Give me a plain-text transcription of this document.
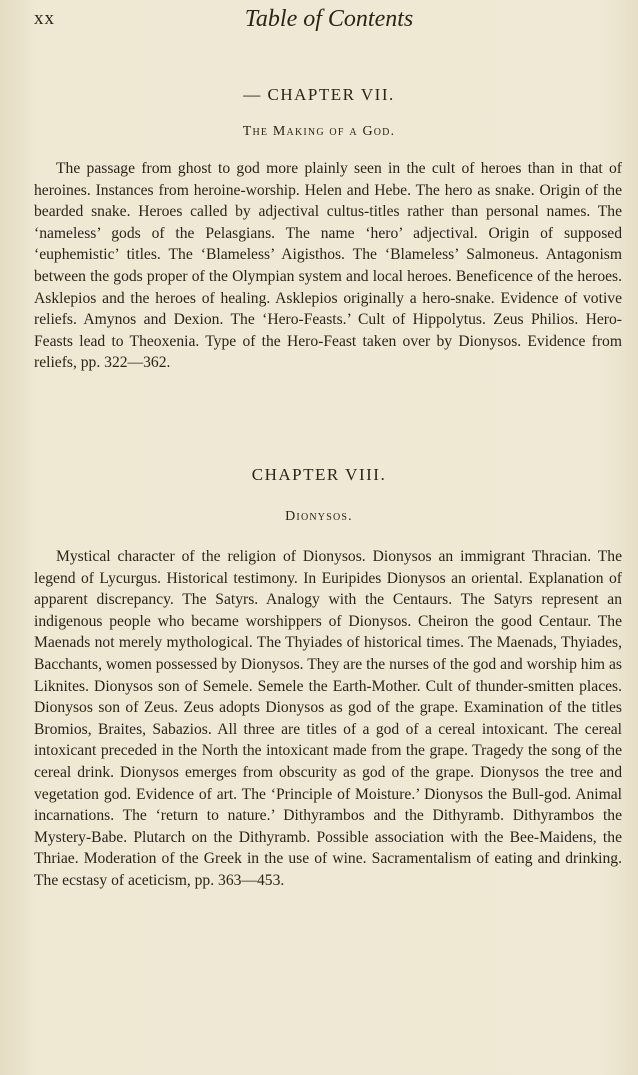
xx	Table of Contents
— CHAPTER VII.
The Making of a God.

The passage from ghost to god more plainly seen in the cult of heroes than in that of heroines. Instances from heroine-worship. Helen and Hebe. The hero as snake. Origin of the bearded snake. Heroes called by adjectival cultus-titles rather than personal names. The ‘nameless’ gods of the Pelasgians. The name ‘hero’ adjectival. Origin of supposed ‘euphemistic’ titles. The ‘Blameless’ Aigisthos. The ‘Blameless’ Salmoneus. Antagonism between the gods proper of the Olympian system and local heroes. Beneficence of the heroes. Asklepios and the heroes of healing. Asklepios originally a hero-snake. Evidence of votive reliefs. Amynos and Dexion. The ‘Hero-Feasts.’ Cult of Hippolytus. Zeus Philios. Hero-Feasts lead to Theoxenia. Type of the Hero-Feast taken over by Dionysos. Evidence from reliefs, pp. 322—362.

CHAPTER VIII.
Dionysos.

Mystical character of the religion of Dionysos. Dionysos an immigrant Thracian. The legend of Lycurgus. Historical testimony. In Euripides Dionysos an oriental. Explanation of apparent discrepancy. The Satyrs. Analogy with the Centaurs. The Satyrs represent an indigenous people who became worshippers of Dionysos. Cheiron the good Centaur. The Maenads not merely mythological. The Thyiades of historical times. The Maenads, Thyiades, Bacchants, women possessed by Dionysos. They are the nurses of the god and worship him as Liknites. Dionysos son of Semele. Semele the Earth-Mother. Cult of thunder-smitten places. Dionysos son of Zeus. Zeus adopts Dionysos as god of the grape. Examination of the titles Bromios, Braites, Sabazios. All three are titles of a god of a cereal intoxicant. The cereal intoxicant preceded in the North the intoxicant made from the grape. Tragedy the song of the cereal drink. Dionysos emerges from obscurity as god of the grape. Dionysos the tree and vegetation god. Evidence of art. The ‘Principle of Moisture.’ Dionysos the Bull-god. Animal incarnations. The ‘return to nature.’ Dithyrambos and the Dithyramb. Dithyrambos the Mystery-Babe. Plutarch on the Dithyramb. Possible association with the Bee-Maidens, the Thriae. Moderation of the Greek in the use of wine. Sacramentalism of eating and drinking. The ecstasy of aceticism, pp. 363—453.
